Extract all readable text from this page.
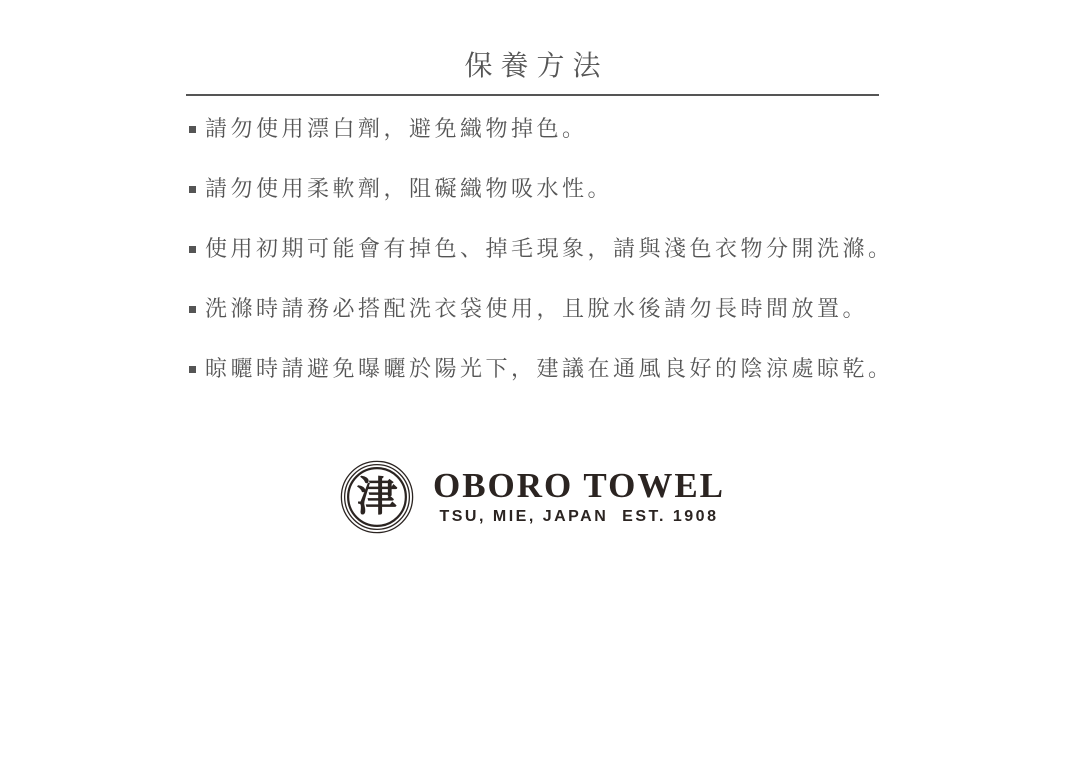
保養方法
請勿使用漂白劑，避免織物掉色。
請勿使用柔軟劑，阻礙織物吸水性。
使用初期可能會有掉色、掉毛現象，請與淺色衣物分開洗滌。
洗滌時請務必搭配洗衣袋使用，且脫水後請勿長時間放置。
晾曬時請避免曝曬於陽光下，建議在通風良好的陰涼處晾乾。
津 OBORO TOWEL
TSU, MIE, JAPAN  EST. 1908
